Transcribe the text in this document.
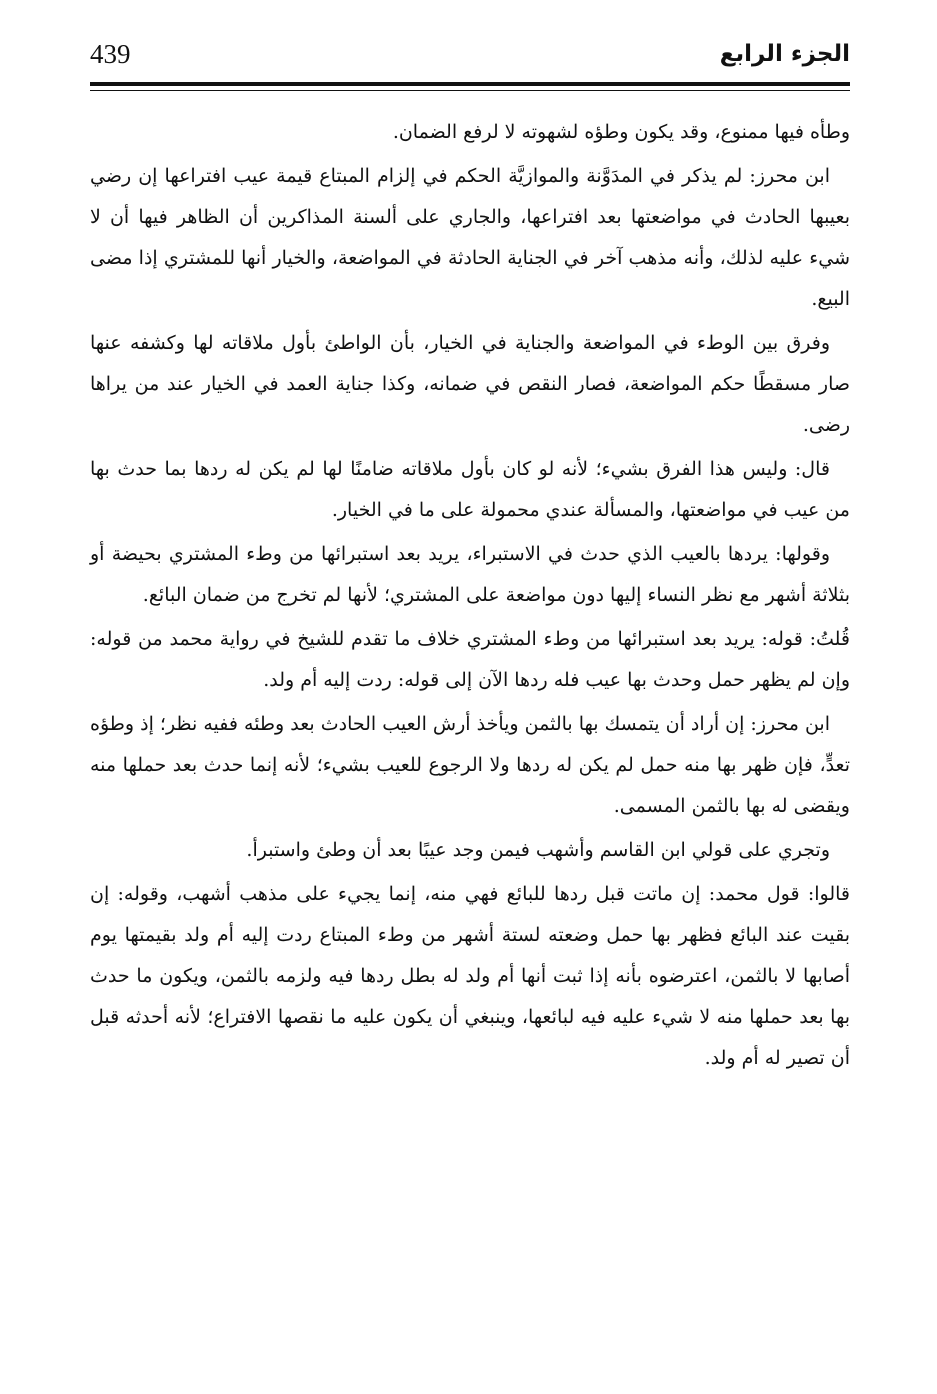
439	الجزء الرابع

وطأه فيها ممنوع، وقد يكون وطؤه لشهوته لا لرفع الضمان.

ابن محرز: لم يذكر في المدَوَّنة والموازيَّة الحكم في إلزام المبتاع قيمة عيب افتراعها إن رضي بعيبها الحادث في مواضعتها بعد افتراعها، والجاري على ألسنة المذاكرين أن الظاهر فيها أن لا شيء عليه لذلك، وأنه مذهب آخر في الجناية الحادثة في المواضعة، والخيار أنها للمشتري إذا مضى البيع.

وفرق بين الوطء في المواضعة والجناية في الخيار، بأن الواطئ بأول ملاقاته لها وكشفه عنها صار مسقطًا حكم المواضعة، فصار النقص في ضمانه، وكذا جناية العمد في الخيار عند من يراها رضى.

قال: وليس هذا الفرق بشيء؛ لأنه لو كان بأول ملاقاته ضامنًا لها لم يكن له ردها بما حدث بها من عيب في مواضعتها، والمسألة عندي محمولة على ما في الخيار.

وقولها: يردها بالعيب الذي حدث في الاستبراء، يريد بعد استبرائها من وطء المشتري بحيضة أو بثلاثة أشهر مع نظر النساء إليها دون مواضعة على المشتري؛ لأنها لم تخرج من ضمان البائع.

قُلتُ: قوله: يريد بعد استبرائها من وطء المشتري خلاف ما تقدم للشيخ في رواية محمد من قوله: وإن لم يظهر حمل وحدث بها عيب فله ردها الآن إلى قوله: ردت إليه أم ولد.

ابن محرز: إن أراد أن يتمسك بها بالثمن ويأخذ أرش العيب الحادث بعد وطئه ففيه نظر؛ إذ وطؤه تعدٍّ، فإن ظهر بها منه حمل لم يكن له ردها ولا الرجوع للعيب بشيء؛ لأنه إنما حدث بعد حملها منه ويقضى له بها بالثمن المسمى.

وتجري على قولي ابن القاسم وأشهب فيمن وجد عيبًا بعد أن وطئ واستبرأ.

قالوا: قول محمد: إن ماتت قبل ردها للبائع فهي منه، إنما يجيء على مذهب أشهب، وقوله: إن بقيت عند البائع فظهر بها حمل وضعته لستة أشهر من وطء المبتاع ردت إليه أم ولد بقيمتها يوم أصابها لا بالثمن، اعترضوه بأنه إذا ثبت أنها أم ولد له بطل ردها فيه ولزمه بالثمن، ويكون ما حدث بها بعد حملها منه لا شيء عليه فيه لبائعها، وينبغي أن يكون عليه ما نقصها الافتراع؛ لأنه أحدثه قبل أن تصير له أم ولد.
